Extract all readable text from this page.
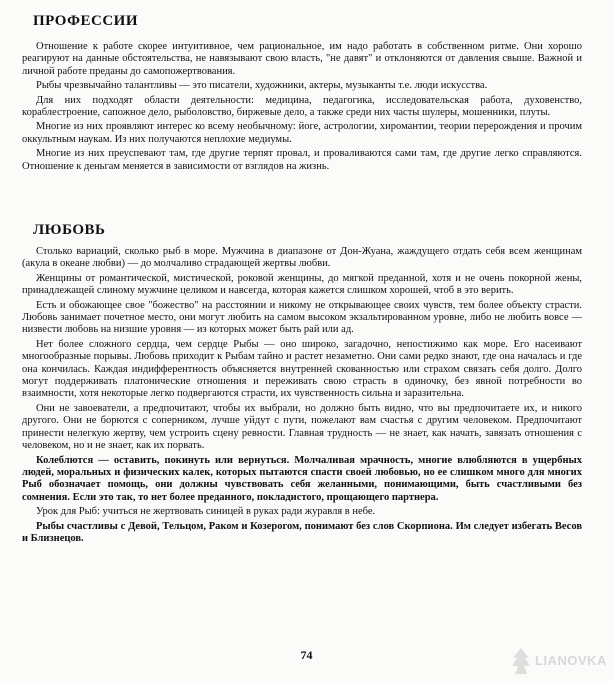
ПРОФЕССИИ

Отношение к работе скорее интуитивное, чем рациональное, им надо работать в собственном ритме. Они хорошо реагируют на данные обстоятельства, не навязывают свою власть, "не давят" и отклоняются от давления свыше. Важной и личной работе преданы до самопожертвования.

Рыбы чрезвычайно талантливы — это писатели, художники, актеры, музыканты т.е. люди искусства.

Для них подходят области деятельности: медицина, педагогика, исследовательская работа, духовенство, кораблестроение, сапожное дело, рыболовство, биржевые дело, а также среди них часты шулеры, мошенники, плуты.

Многие из них проявляют интерес ко всему необычному: йоге, астрологии, хиромантии, теории перерождения и прочим оккультным наукам. Из них получаются неплохие медиумы.

Многие из них преуспевают там, где другие терпят провал, и проваливаются сами там, где другие легко справляются. Отношение к деньгам меняется в зависимости от взглядов на жизнь.

ЛЮБОВЬ

Столько вариаций, сколько рыб в море. Мужчина в диапазоне от Дон-Жуана, жаждущего отдать себя всем женщинам (акула в океане любви) — до молчаливо страдающей жертвы любви.

Женщины от романтической, мистической, роковой женщины, до мягкой преданной, хотя и не очень покорной жены, принадлежащей слиному мужчине целиком и навсегда, которая кажется слишком хорошей, чтоб в это верить.

Есть и обожающее свое "божество" на расстоянии и никому не открывающее своих чувств, тем более объекту страсти. Любовь занимает почетное место, они могут любить на самом высоком экзальтированном уровне, либо не любить вовсе — низвести любовь на низшие уровня — из которых может быть рай или ад.

Нет более сложного сердца, чем сердце Рыбы — оно широко, загадочно, непостижимо как море. Его насеивают многообразные порывы. Любовь приходит к Рыбам тайно и растет незаметно. Они сами редко знают, где она началась и где она кончилась. Каждая индифферентность объясняется внутренней скованностью или страхом связать себя долго. Долго могут поддерживать платонические отношения и переживать свою страсть в одиночку, без явной потребности во взаимности, хотя некоторые легко подвергаются страсти, их чувственность сильна и заразительна.

Они не завоеватели, а предпочитают, чтобы их выбрали, но должно быть видно, что вы предпочитаете их, и никого другого. Они не борются с соперником, лучше уйдут с пути, пожелают вам счастья с другим человеком. Предпочитают принести нелегкую жертву, чем устроить сцену ревности. Главная трудность — не знает, как начать, завязать отношения с человеком, но и не знает, как их порвать.

Колеблются — оставить, покинуть или вернуться. Молчаливая мрачность, многие влюбляются в ущербных людей, моральных и физических калек, которых пытаются спасти своей любовью, но ее слишком много для многих Рыб обозначает помощь, они должны чувствовать себя желанными, понимающими, быть счастливыми без сомнения. Если это так, то нет более преданного, покладистого, прощающего партнера.

Урок для Рыб: учиться не жертвовать синицей в руках ради журавля в небе.

Рыбы счастливы с Девой, Тельцом, Раком и Козерогом, понимают без слов Скорпиона. Им следует избегать Весов и Близнецов.

74	LIANOVKA
